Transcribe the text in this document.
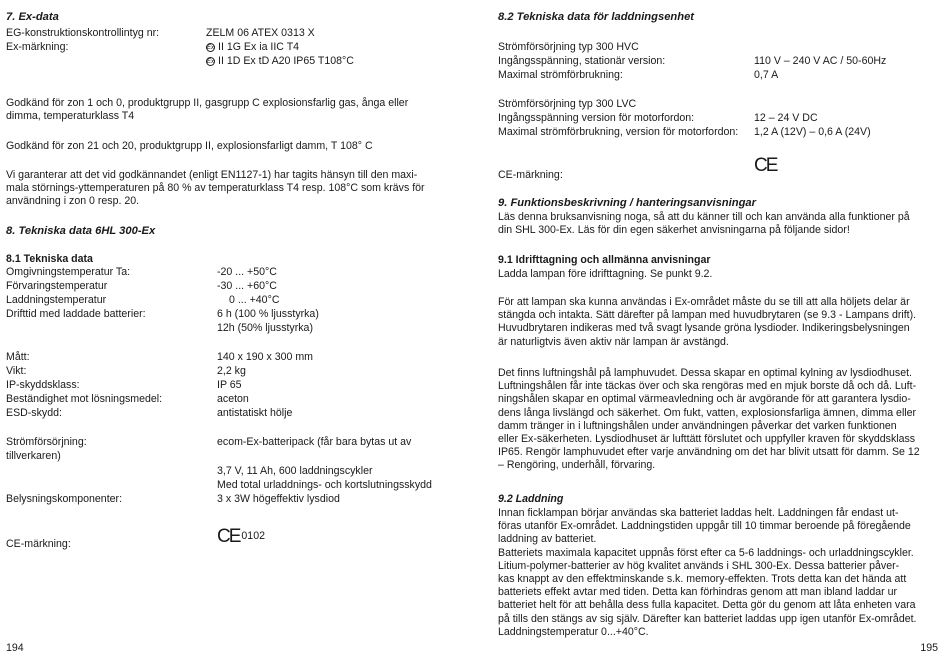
7. Ex-data
EG-konstruktionskontrollintyg nr:	ZELM 06 ATEX 0313 X
Ex-märkning:	Ex II 1G Ex ia IIC T4
Ex II 1D Ex tD A20 IP65 T108°C
Godkänd för zon 1 och 0, produktgrupp II, gasgrupp C explosionsfarlig gas, ånga eller
dimma, temperaturklass T4
Godkänd för zon 21 och 20, produktgrupp II, explosionsfarligt damm, T 108° C
Vi garanterar att det vid godkännandet (enligt EN1127-1) har tagits hänsyn till den maxi-
mala störnings-yttemperaturen på 80 % av temperaturklass T4 resp. 108°C som krävs för
användning i zon 0 resp. 20.
8. Tekniska data 6HL 300-Ex
8.1 Tekniska data
Omgivningstemperatur Ta:	-20 ... +50°C
Förvaringstemperatur	-30 ... +60°C
Laddningstemperatur	0 ... +40°C
Drifttid med laddade batterier:	6 h (100 % ljusstyrka)
12h (50% ljusstyrka)
Mått:	140 x 190 x 300 mm
Vikt:	2,2 kg
IP-skyddsklass:	IP 65
Beständighet mot lösningsmedel:	aceton
ESD-skydd:	antistatiskt hölje
Strömförsörjning:	ecom-Ex-batteripack (får bara bytas ut av
tillverkaren)
3,7 V, 11 Ah, 600 laddningscykler
Med total urladdnings- och kortslutningsskydd
Belysningskomponenter:	3 x 3W högeffektiv lysdiod
CE-märkning:	CE 0102
194
8.2 Tekniska data för laddningsenhet
Strömförsörjning typ 300 HVC
Ingångsspänning, stationär version:	110 V – 240 V AC / 50-60Hz
Maximal strömförbrukning:	0,7 A
Strömförsörjning typ 300 LVC
Ingångsspänning version för motorfordon:	12 – 24 V DC
Maximal strömförbrukning, version för motorfordon: 1,2 A (12V) – 0,6 A (24V)
CE-märkning:	CE
9. Funktionsbeskrivning / hanteringsanvisningar
Läs denna bruksanvisning noga, så att du känner till och kan använda alla funktioner på
din SHL 300-Ex. Läs för din egen säkerhet anvisningarna på följande sidor!
9.1 Idrifttagning och allmänna anvisningar
Ladda lampan före idrifttagning. Se punkt 9.2.
För att lampan ska kunna användas i Ex-området måste du se till att alla höljets delar är
stängda och intakta. Sätt därefter på lampan med huvudbrytaren (se 9.3 - Lampans drift).
Huvudbrytaren indikeras med två svagt lysande gröna lysdioder. Indikeringsbelysningen
är naturligtvis även aktiv när lampan är avstängd.
Det finns luftningshål på lamphuvudet. Dessa skapar en optimal kylning av lysdiodhuset.
Luftningshålen får inte täckas över och ska rengöras med en mjuk borste då och då. Luft-
ningshålen skapar en optimal värmeavledning och är avgörande för att garantera lysdio-
dens långa livslängd och säkerhet. Om fukt, vatten, explosionsfarliga ämnen, dimma eller
damm tränger in i luftningshålen under användningen påverkar det varken funktionen
eller Ex-säkerheten. Lysdiodhuset är lufttätt förslutet och uppfyller kraven för skyddsklass
IP65. Rengör lamphuvudet efter varje användning om det har blivit utsatt för damm. Se 12
– Rengöring, underhåll, förvaring.
9.2 Laddning
Innan ficklampan börjar användas ska batteriet laddas helt. Laddningen får endast ut-
föras utanför Ex-området. Laddningstiden uppgår till 10 timmar beroende på föregående
laddning av batteriet.
Batteriets maximala kapacitet uppnås först efter ca 5-6 laddnings- och urladdningscykler.
Litium-polymer-batterier av hög kvalitet används i SHL 300-Ex. Dessa batterier påver-
kas knappt av den effektminskande s.k. memory-effekten. Trots detta kan det hända att
batteriets effekt avtar med tiden. Detta kan förhindras genom att man ibland laddar ur
batteriet helt för att behålla dess fulla kapacitet. Detta gör du genom att låta enheten vara
på tills den stängs av sig själv. Därefter kan batteriet laddas upp igen utanför Ex-området.
Laddningstemperatur 0...+40°C.
195
